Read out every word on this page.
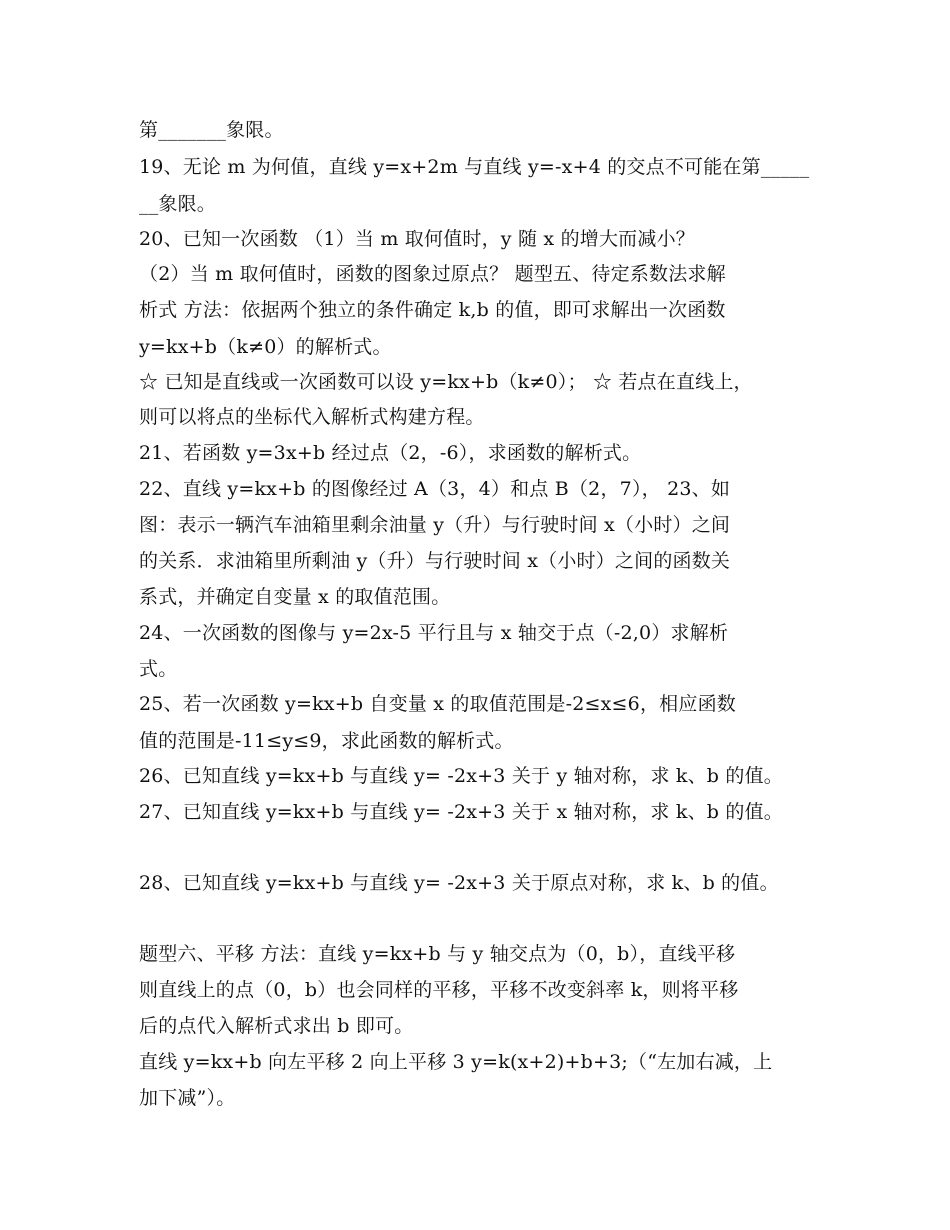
第_______象限。
19、无论 m 为何值，直线 y=x+2m 与直线 y=-x+4 的交点不可能在第_____
__象限。
20、已知一次函数 （1）当 m 取何值时，y 随 x 的增大而减小？
（2）当 m 取何值时，函数的图象过原点？ 题型五、待定系数法求解
析式 方法：依据两个独立的条件确定 k,b 的值，即可求解出一次函数
y=kx+b（k≠0）的解析式。
☆ 已知是直线或一次函数可以设 y=kx+b（k≠0）； ☆ 若点在直线上，
则可以将点的坐标代入解析式构建方程。
21、若函数 y=3x+b 经过点（2，-6），求函数的解析式。
22、直线 y=kx+b 的图像经过 A（3，4）和点 B（2，7）， 23、如
图：表示一辆汽车油箱里剩余油量 y（升）与行驶时间 x（小时）之间
的关系．求油箱里所剩油 y（升）与行驶时间 x（小时）之间的函数关
系式，并确定自变量 x 的取值范围。
24、一次函数的图像与 y=2x-5 平行且与 x 轴交于点（-2,0）求解析
式。
25、若一次函数 y=kx+b 自变量 x 的取值范围是-2≤x≤6，相应函数
值的范围是-11≤y≤9，求此函数的解析式。
26、已知直线 y=kx+b 与直线 y= -2x+3 关于 y 轴对称，求 k、b 的值。
27、已知直线 y=kx+b 与直线 y= -2x+3 关于 x 轴对称，求 k、b 的值。
28、已知直线 y=kx+b 与直线 y= -2x+3 关于原点对称，求 k、b 的值。
题型六、平移 方法：直线 y=kx+b 与 y 轴交点为（0，b），直线平移
则直线上的点（0，b）也会同样的平移，平移不改变斜率 k，则将平移
后的点代入解析式求出 b 即可。
直线 y=kx+b 向左平移 2 向上平移 3 y=k(x+2)+b+3;（“左加右减，上
加下减”）。
